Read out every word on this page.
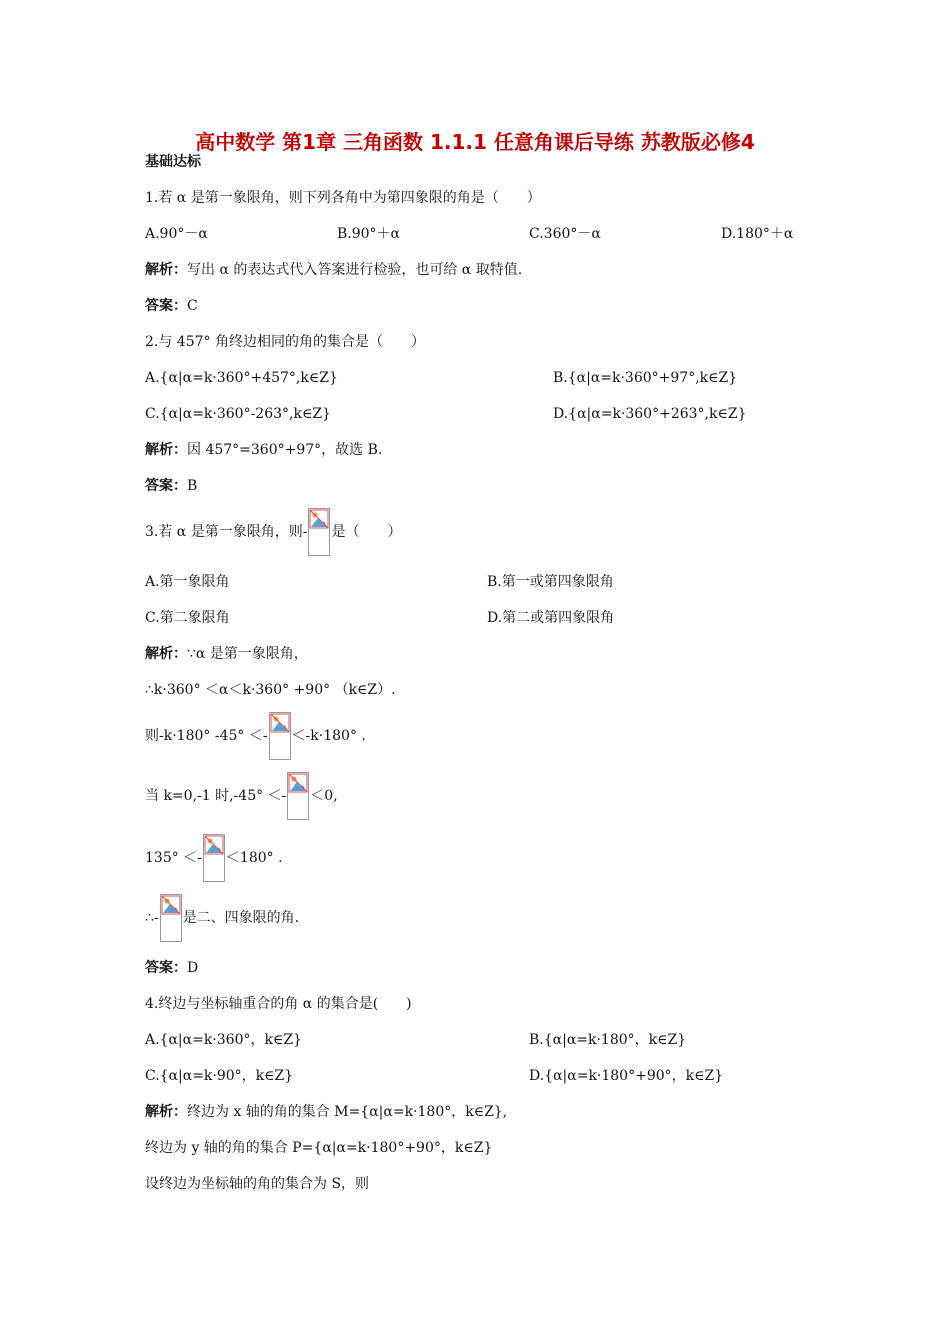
高中数学 第1章 三角函数 1.1.1 任意角课后导练 苏教版必修4
基础达标
1.若 α 是第一象限角，则下列各角中为第四象限的角是（　　）
A.90°－α	B.90°＋α	C.360°－α	D.180°＋α
解析：写出 α 的表达式代入答案进行检验，也可给 α 取特值.
答案：C
2.与 457° 角终边相同的角的集合是（　　）
A.{α|α=k·360°+457°,k∈Z}	B.{α|α=k·360°+97°,k∈Z}
C.{α|α=k·360°-263°,k∈Z}	D.{α|α=k·360°+263°,k∈Z}
解析：因 457°=360°+97°，故选 B.
答案：B
3.若 α 是第一象限角，则- 是（　　）
A.第一象限角	B.第一或第四象限角
C.第二象限角	D.第二或第四象限角
解析：∵α 是第一象限角，
∴k·360° ＜α＜k·360° +90° （k∈Z）.
则-k·180° -45° ＜- ＜-k·180° .
当 k=0,-1 时,-45° ＜- ＜0,
135° ＜- ＜180° .
∴- 是二、四象限的角.
答案：D
4.终边与坐标轴重合的角 α 的集合是(　　)
A.{α|α=k·360°，k∈Z}	B.{α|α=k·180°，k∈Z}
C.{α|α=k·90°，k∈Z}	D.{α|α=k·180°+90°，k∈Z}
解析：终边为 x 轴的角的集合 M={α|α=k·180°，k∈Z},
终边为 y 轴的角的集合 P={α|α=k·180°+90°，k∈Z}
设终边为坐标轴的角的集合为 S，则
